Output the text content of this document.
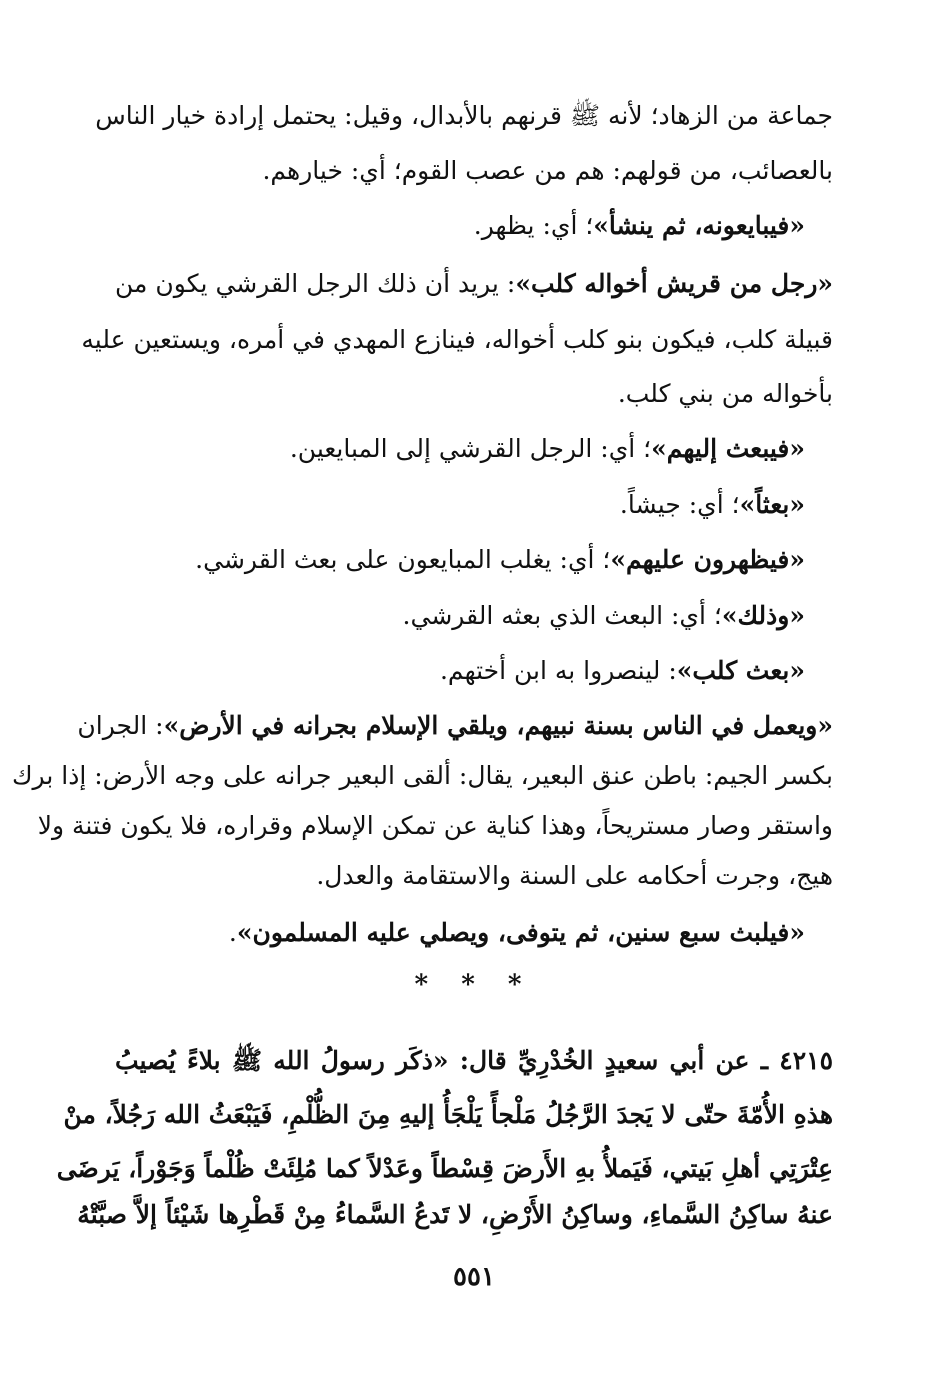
جماعة من الزهاد؛ لأنه ﷺ قرنهم بالأبدال، وقيل: يحتمل إرادة خيار الناس
بالعصائب، من قولهم: هم من عصب القوم؛ أي: خيارهم.
«فيبايعونه، ثم ينشأ»؛ أي: يظهر.
«رجل من قريش أخواله كلب»: يريد أن ذلك الرجل القرشي يكون من
قبيلة كلب، فيكون بنو كلب أخواله، فينازع المهدي في أمره، ويستعين عليه
بأخواله من بني كلب.
«فيبعث إليهم»؛ أي: الرجل القرشي إلى المبايعين.
«بعثاً»؛ أي: جيشاً.
«فيظهرون عليهم»؛ أي: يغلب المبايعون على بعث القرشي.
«وذلك»؛ أي: البعث الذي بعثه القرشي.
«بعث كلب»: لينصروا به ابن أختهم.
«ويعمل في الناس بسنة نبيهم، ويلقي الإسلام بجرانه في الأرض»: الجران
بكسر الجيم: باطن عنق البعير، يقال: ألقى البعير جرانه على وجه الأرض: إذا برك
واستقر وصار مستريحاً، وهذا كناية عن تمكن الإسلام وقراره، فلا يكون فتنة ولا
هيج، وجرت أحكامه على السنة والاستقامة والعدل.
«فيلبث سبع سنين، ثم يتوفى، ويصلي عليه المسلمون».
* * *
٤٢١٥ ـ عن أبي سعيدٍ الخُدْرِيِّ قال: «ذكَر رسولُ الله ﷺ بلاءً يُصيبُ
هذهِ الأُمّةَ حتّى لا يَجدَ الرَّجُلُ مَلْجأً يَلْجَأُ إليهِ مِنَ الظُّلْمِ، فَيَبْعَثُ الله رَجُلاً، منْ
عِتْرَتِي أهلِ بَيتي، فَيَملأُ بهِ الأَرضَ قِسْطاً وعَدْلاً كما مُلِئَتْ ظُلْماً وَجَوْراً، يَرضَى
عنهُ ساكِنُ السَّماءِ، وساكِنُ الأَرْضِ، لا تَدعُ السَّماءُ مِنْ قَطْرِها شَيْئاً إلاَّ صبَّتْهُ
٥٥١
